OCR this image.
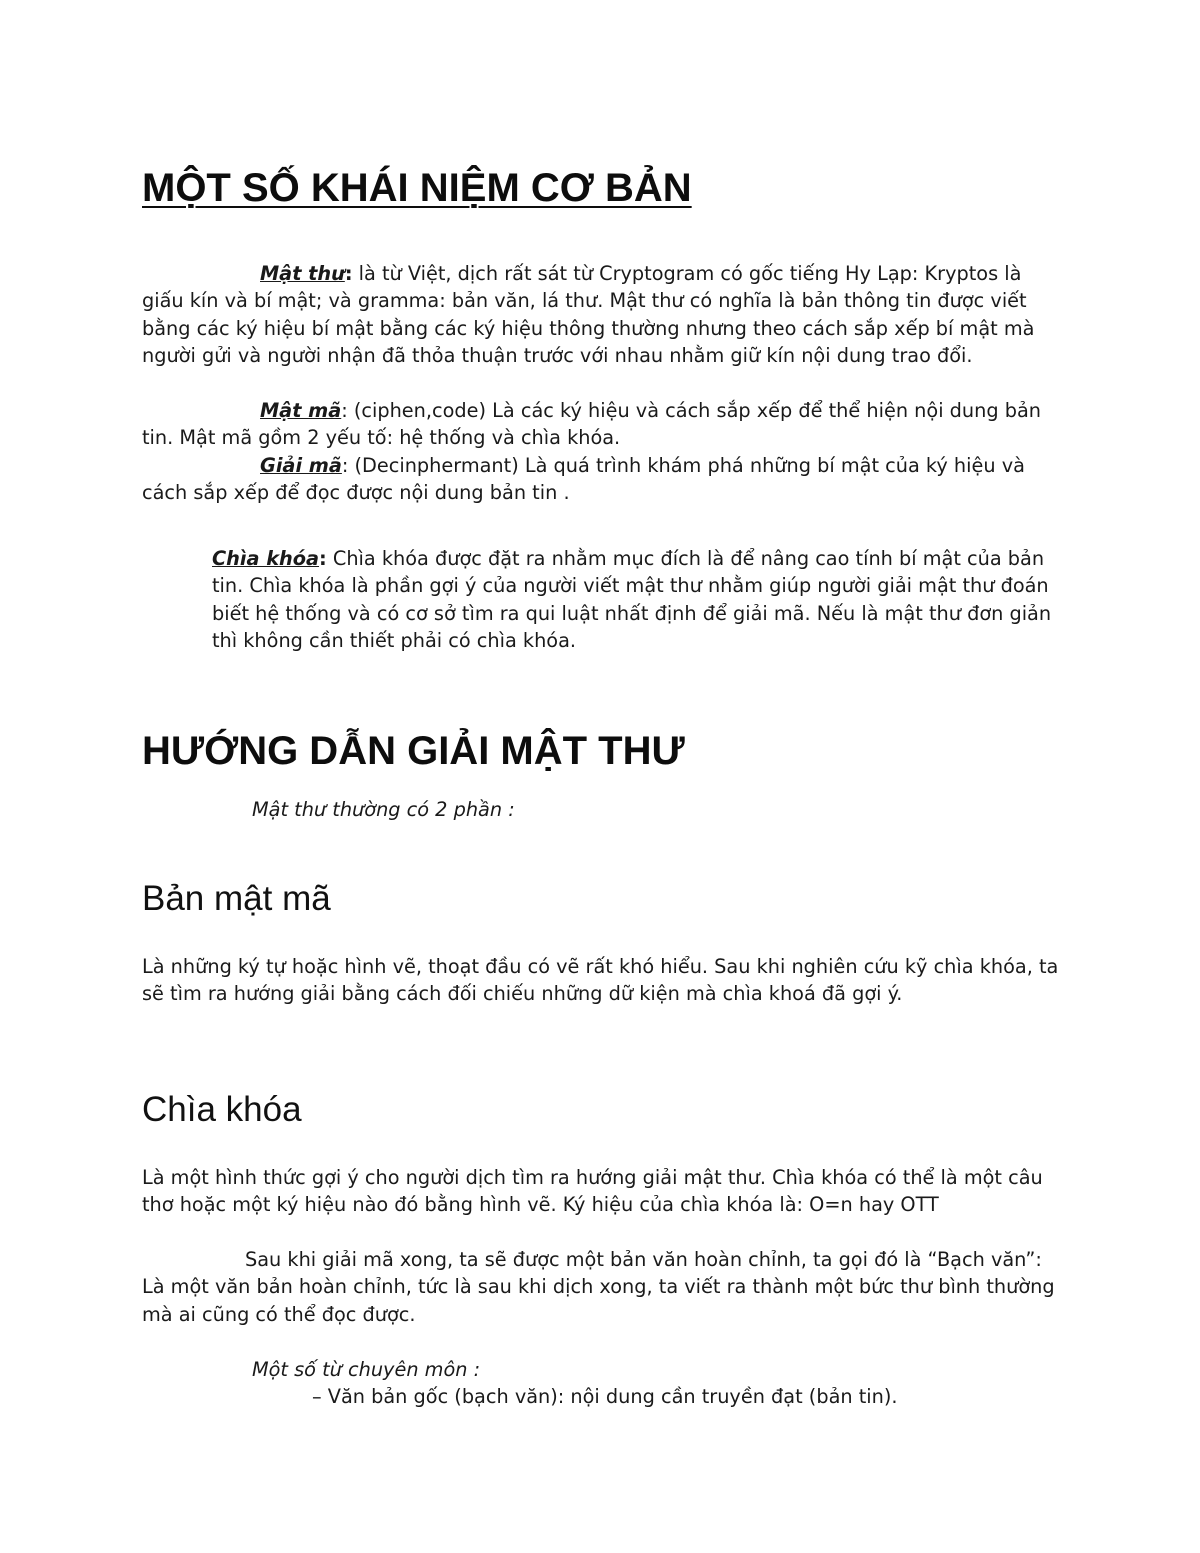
MỘT SỐ KHÁI NIỆM CƠ BẢN

Mật thư: là từ Việt, dịch rất sát từ Cryptogram có gốc tiếng Hy Lạp: Kryptos là giấu kín và bí mật; và gramma: bản văn, lá thư. Mật thư có nghĩa là bản thông tin được viết bằng các ký hiệu bí mật bằng các ký hiệu thông thường nhưng theo cách sắp xếp bí mật mà người gửi và người nhận đã thỏa thuận trước với nhau nhằm giữ kín nội dung trao đổi.

Mật mã: (ciphen,code) Là các ký hiệu và cách sắp xếp để thể hiện nội dung bản tin. Mật mã gồm 2 yếu tố: hệ thống và chìa khóa.

Giải mã: (Decinphermant) Là quá trình khám phá những bí mật của ký hiệu và cách sắp xếp để đọc được nội dung bản tin .

Chìa khóa: Chìa khóa được đặt ra nhằm mục đích là để nâng cao tính bí mật của bản tin. Chìa khóa là phần gợi ý của người viết mật thư nhằm giúp người giải mật thư đoán biết hệ thống và có cơ sở tìm ra qui luật nhất định để giải mã. Nếu là mật thư đơn giản thì không cần thiết phải có chìa khóa.

HƯỚNG DẪN GIẢI MẬT THƯ

Mật thư thường có 2 phần :

Bản mật mã

Là những ký tự hoặc hình vẽ, thoạt đầu có vẽ rất khó hiểu. Sau khi nghiên cứu kỹ chìa khóa, ta sẽ tìm ra hướng giải bằng cách đối chiếu những dữ kiện mà chìa khoá đã gợi ý.

Chìa khóa

Là một hình thức gợi ý cho người dịch tìm ra hướng giải mật thư. Chìa khóa có thể là một câu thơ hoặc một ký hiệu nào đó bằng hình vẽ. Ký hiệu của chìa khóa là: O=n hay OTT

Sau khi giải mã xong, ta sẽ được một bản văn hoàn chỉnh, ta gọi đó là “Bạch văn”: Là một văn bản hoàn chỉnh, tức là sau khi dịch xong, ta viết ra thành một bức thư bình thường mà ai cũng có thể đọc được.

Một số từ chuyên môn :

– Văn bản gốc (bạch văn): nội dung cần truyền đạt (bản tin).
